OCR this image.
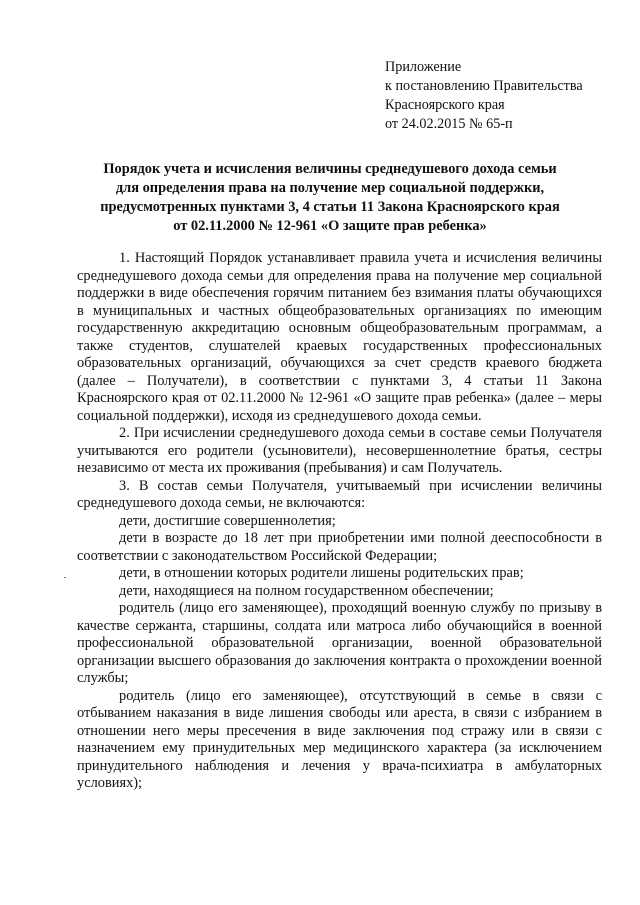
Приложение
к постановлению Правительства
Красноярского края
от 24.02.2015 № 65-п
Порядок учета и исчисления величины среднедушевого дохода семьи
для определения права на получение мер социальной поддержки,
предусмотренных пунктами 3, 4 статьи 11 Закона Красноярского края
от 02.11.2000 № 12-961 «О защите прав ребенка»

1. Настоящий Порядок устанавливает правила учета и исчисления величины среднедушевого дохода семьи для определения права на получение мер социальной поддержки в виде обеспечения горячим питанием без взимания платы обучающихся в муниципальных и частных общеобразовательных организациях по имеющим государственную аккредитацию основным общеобразовательным программам, а также студентов, слушателей краевых государственных профессиональных образовательных организаций, обучающихся за счет средств краевого бюджета (далее – Получатели), в соответствии с пунктами 3, 4 статьи 11 Закона Красноярского края от 02.11.2000 № 12-961 «О защите прав ребенка» (далее – меры социальной поддержки), исходя из среднедушевого дохода семьи.

2. При исчислении среднедушевого дохода семьи в составе семьи Получателя учитываются его родители (усыновители), несовершеннолетние братья, сестры независимо от места их проживания (пребывания) и сам Получатель.

3. В состав семьи Получателя, учитываемый при исчислении величины среднедушевого дохода семьи, не включаются:

дети, достигшие совершеннолетия;

дети в возрасте до 18 лет при приобретении ими полной дееспособности в соответствии с законодательством Российской Федерации;

дети, в отношении которых родители лишены родительских прав;

дети, находящиеся на полном государственном обеспечении;

родитель (лицо его заменяющее), проходящий военную службу по призыву в качестве сержанта, старшины, солдата или матроса либо обучающийся в военной профессиональной образовательной организации, военной образовательной организации высшего образования до заключения контракта о прохождении военной службы;

родитель (лицо его заменяющее), отсутствующий в семье в связи с отбыванием наказания в виде лишения свободы или ареста, в связи с избранием в отношении него меры пресечения в виде заключения под стражу или в связи с назначением ему принудительных мер медицинского характера (за исключением принудительного наблюдения и лечения у врача-психиатра в амбулаторных условиях);
